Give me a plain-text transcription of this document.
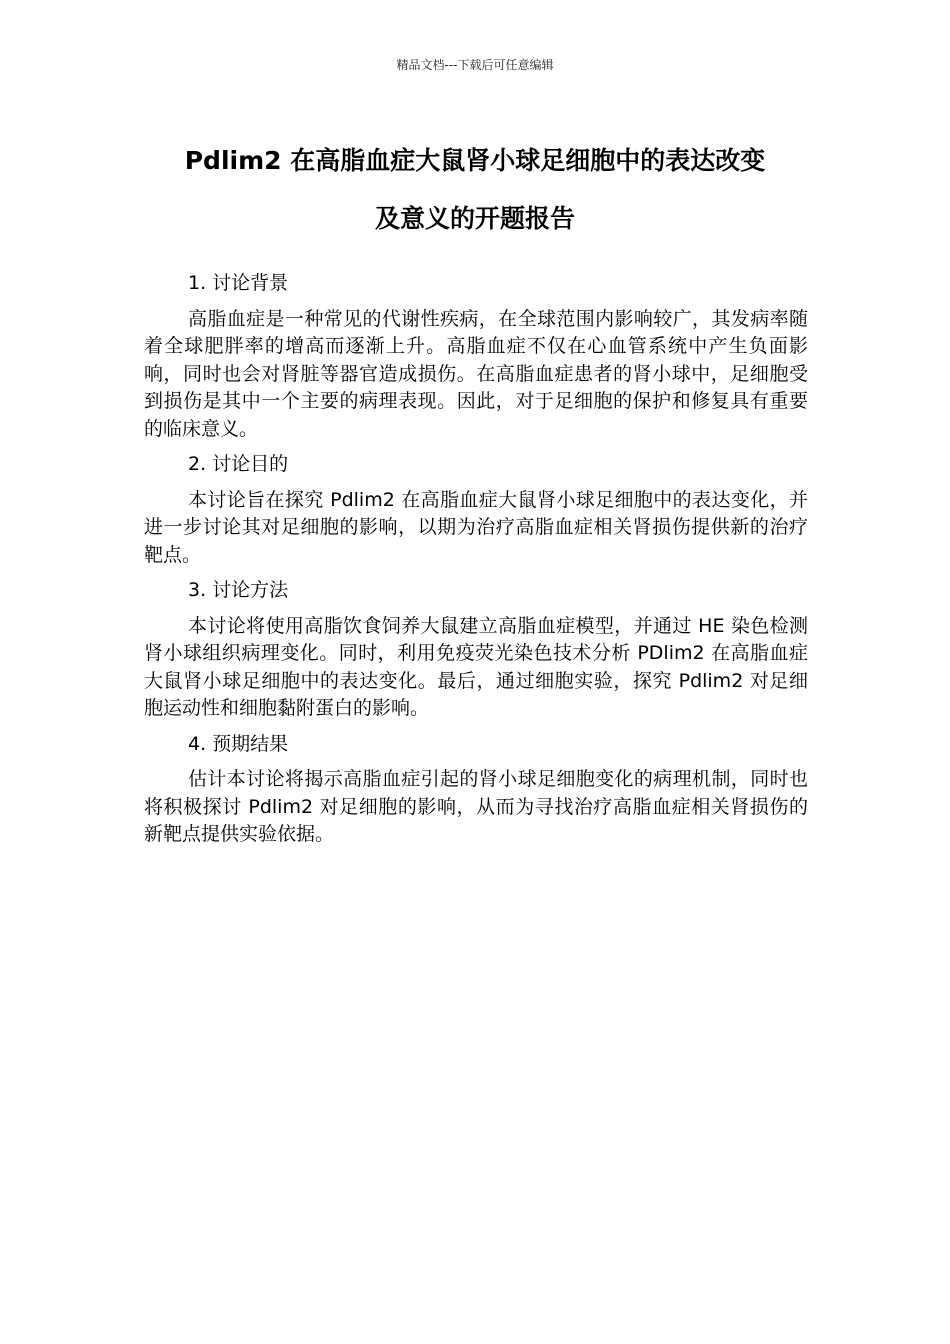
精品文档---下载后可任意编辑
Pdlim2 在高脂血症大鼠肾小球足细胞中的表达改变
及意义的开题报告

1. 讨论背景

高脂血症是一种常见的代谢性疾病，在全球范围内影响较广，其发病率随着全球肥胖率的增高而逐渐上升。高脂血症不仅在心血管系统中产生负面影响，同时也会对肾脏等器官造成损伤。在高脂血症患者的肾小球中，足细胞受到损伤是其中一个主要的病理表现。因此，对于足细胞的保护和修复具有重要的临床意义。

2. 讨论目的

本讨论旨在探究 Pdlim2 在高脂血症大鼠肾小球足细胞中的表达变化，并进一步讨论其对足细胞的影响，以期为治疗高脂血症相关肾损伤提供新的治疗靶点。

3. 讨论方法

本讨论将使用高脂饮食饲养大鼠建立高脂血症模型，并通过 HE 染色检测肾小球组织病理变化。同时，利用免疫荧光染色技术分析 PDlim2 在高脂血症大鼠肾小球足细胞中的表达变化。最后，通过细胞实验，探究 Pdlim2 对足细胞运动性和细胞黏附蛋白的影响。

4. 预期结果

估计本讨论将揭示高脂血症引起的肾小球足细胞变化的病理机制，同时也将积极探讨 Pdlim2 对足细胞的影响，从而为寻找治疗高脂血症相关肾损伤的新靶点提供实验依据。
